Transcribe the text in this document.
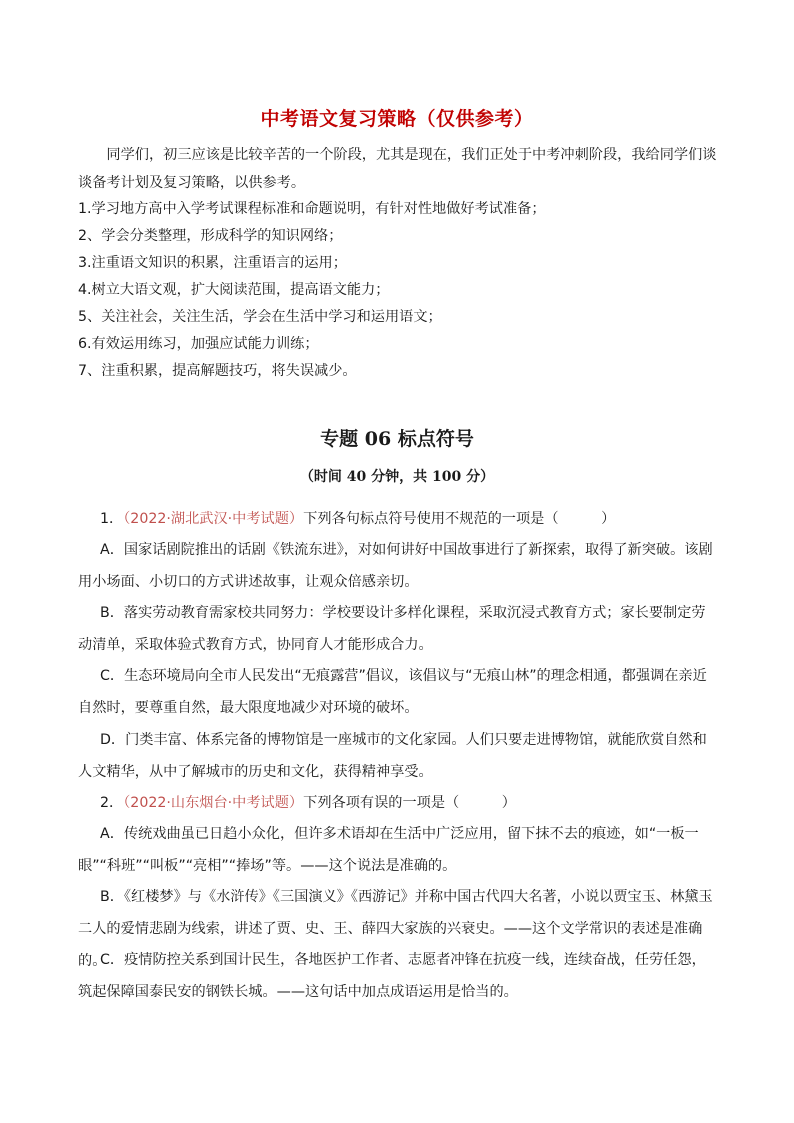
中考语文复习策略（仅供参考）
同学们，初三应该是比较辛苦的一个阶段，尤其是现在，我们正处于中考冲刺阶段，我给同学们谈谈备考计划及复习策略，以供参考。
1.学习地方高中入学考试课程标准和命题说明，有针对性地做好考试准备；
2、学会分类整理，形成科学的知识网络；
3.注重语文知识的积累，注重语言的运用；
4.树立大语文观，扩大阅读范围，提高语文能力；
5、关注社会，关注生活，学会在生活中学习和运用语文；
6.有效运用练习，加强应试能力训练；
7、注重积累，提高解题技巧，将失误减少。
专题 06 标点符号
（时间 40 分钟，共 100 分）
1．（2022·湖北武汉·中考试题）下列各句标点符号使用不规范的一项是（　　　）
A．国家话剧院推出的话剧《铁流东进》，对如何讲好中国故事进行了新探索，取得了新突破。该剧用小场面、小切口的方式讲述故事，让观众倍感亲切。
B．落实劳动教育需家校共同努力：学校要设计多样化课程，采取沉浸式教育方式；家长要制定劳动清单，采取体验式教育方式，协同育人才能形成合力。
C．生态环境局向全市人民发出“无痕露营”倡议，该倡议与“无痕山林”的理念相通，都强调在亲近自然时，要尊重自然，最大限度地减少对环境的破坏。
D．门类丰富、体系完备的博物馆是一座城市的文化家园。人们只要走进博物馆，就能欣赏自然和人文精华，从中了解城市的历史和文化，获得精神享受。
2．（2022·山东烟台·中考试题）下列各项有误的一项是（　　　）
A．传统戏曲虽已日趋小众化，但许多术语却在生活中广泛应用，留下抹不去的痕迹，如“一板一眼”“科班”“叫板”“亮相”“捧场”等。——这个说法是准确的。
B．《红楼梦》与《水浒传》《三国演义》《西游记》并称中国古代四大名著，小说以贾宝玉、林黛玉二人的爱情悲剧为线索，讲述了贾、史、王、薛四大家族的兴衰史。——这个文学常识的表述是准确的。
C．疫情防控关系到国计民生，各地医护工作者、志愿者冲锋在抗疫一线，连续奋战，任劳任怨，筑起保障国泰民安的钢铁长城。——这句话中加点成语运用是恰当的。
